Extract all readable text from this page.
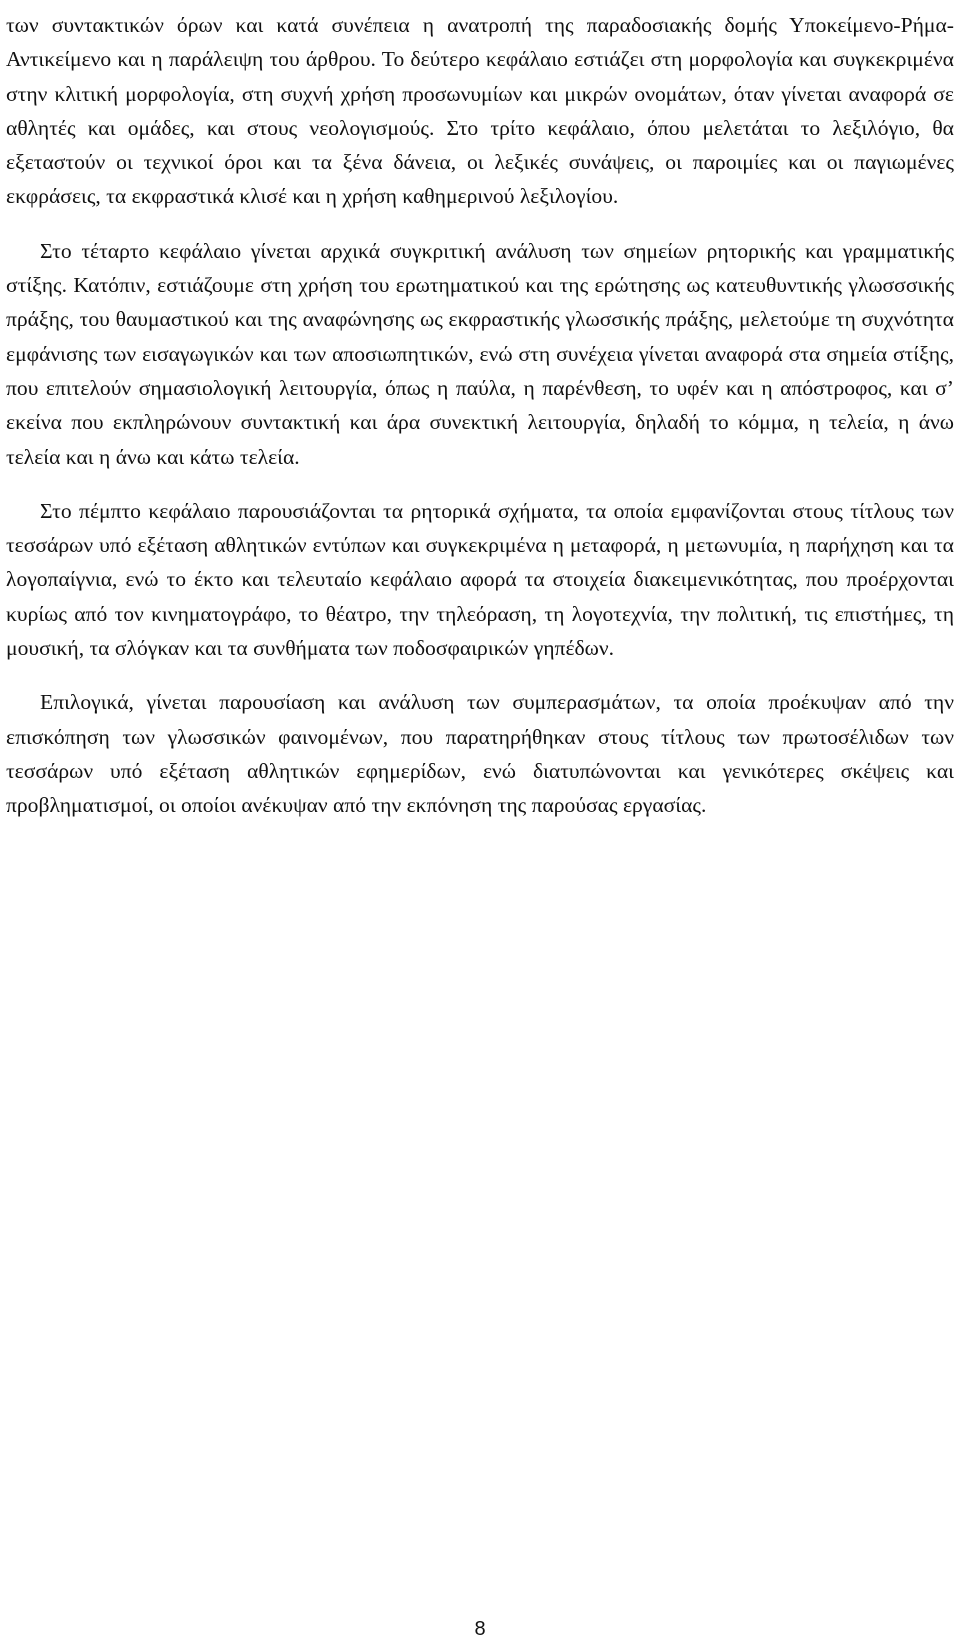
των συντακτικών όρων και κατά συνέπεια η ανατροπή της παραδοσιακής δομής Υποκείμενο-Ρήμα-Αντικείμενο και η παράλειψη του άρθρου. Το δεύτερο κεφάλαιο εστιάζει στη μορφολογία και συγκεκριμένα στην κλιτική μορφολογία, στη συχνή χρήση προσωνυμίων και μικρών ονομάτων, όταν γίνεται αναφορά σε αθλητές και ομάδες, και στους νεολογισμούς. Στο τρίτο κεφάλαιο, όπου μελετάται το λεξιλόγιο, θα εξεταστούν οι τεχνικοί όροι και τα ξένα δάνεια, οι λεξικές συνάψεις, οι παροιμίες και οι παγιωμένες εκφράσεις, τα εκφραστικά κλισέ και η χρήση καθημερινού λεξιλογίου.

Στο τέταρτο κεφάλαιο γίνεται αρχικά συγκριτική ανάλυση των σημείων ρητορικής και γραμματικής στίξης. Κατόπιν, εστιάζουμε στη χρήση του ερωτηματικού και της ερώτησης ως κατευθυντικής γλωσσσικής πράξης, του θαυμαστικού και της αναφώνησης ως εκφραστικής γλωσσικής πράξης, μελετούμε τη συχνότητα εμφάνισης των εισαγωγικών και των αποσιωπητικών, ενώ στη συνέχεια γίνεται αναφορά στα σημεία στίξης, που επιτελούν σημασιολογική λειτουργία, όπως η παύλα, η παρένθεση, το υφέν και η απόστροφος, και σ’ εκείνα που εκπληρώνουν συντακτική και άρα συνεκτική λειτουργία, δηλαδή το κόμμα, η τελεία, η άνω τελεία και η άνω και κάτω τελεία.

Στο πέμπτο κεφάλαιο παρουσιάζονται τα ρητορικά σχήματα, τα οποία εμφανίζονται στους τίτλους των τεσσάρων υπό εξέταση αθλητικών εντύπων και συγκεκριμένα η μεταφορά, η μετωνυμία, η παρήχηση και τα λογοπαίγνια, ενώ το έκτο και τελευταίο κεφάλαιο αφορά τα στοιχεία διακειμενικότητας, που προέρχονται κυρίως από τον κινηματογράφο, το θέατρο, την τηλεόραση, τη λογοτεχνία, την πολιτική, τις επιστήμες, τη μουσική, τα σλόγκαν και τα συνθήματα των ποδοσφαιρικών γηπέδων.

Επιλογικά, γίνεται παρουσίαση και ανάλυση των συμπερασμάτων, τα οποία προέκυψαν από την επισκόπηση των γλωσσικών φαινομένων, που παρατηρήθηκαν στους τίτλους των πρωτοσέλιδων των τεσσάρων υπό εξέταση αθλητικών εφημερίδων, ενώ διατυπώνονται και γενικότερες σκέψεις και προβληματισμοί, οι οποίοι ανέκυψαν από την εκπόνηση της παρούσας εργασίας.

8
